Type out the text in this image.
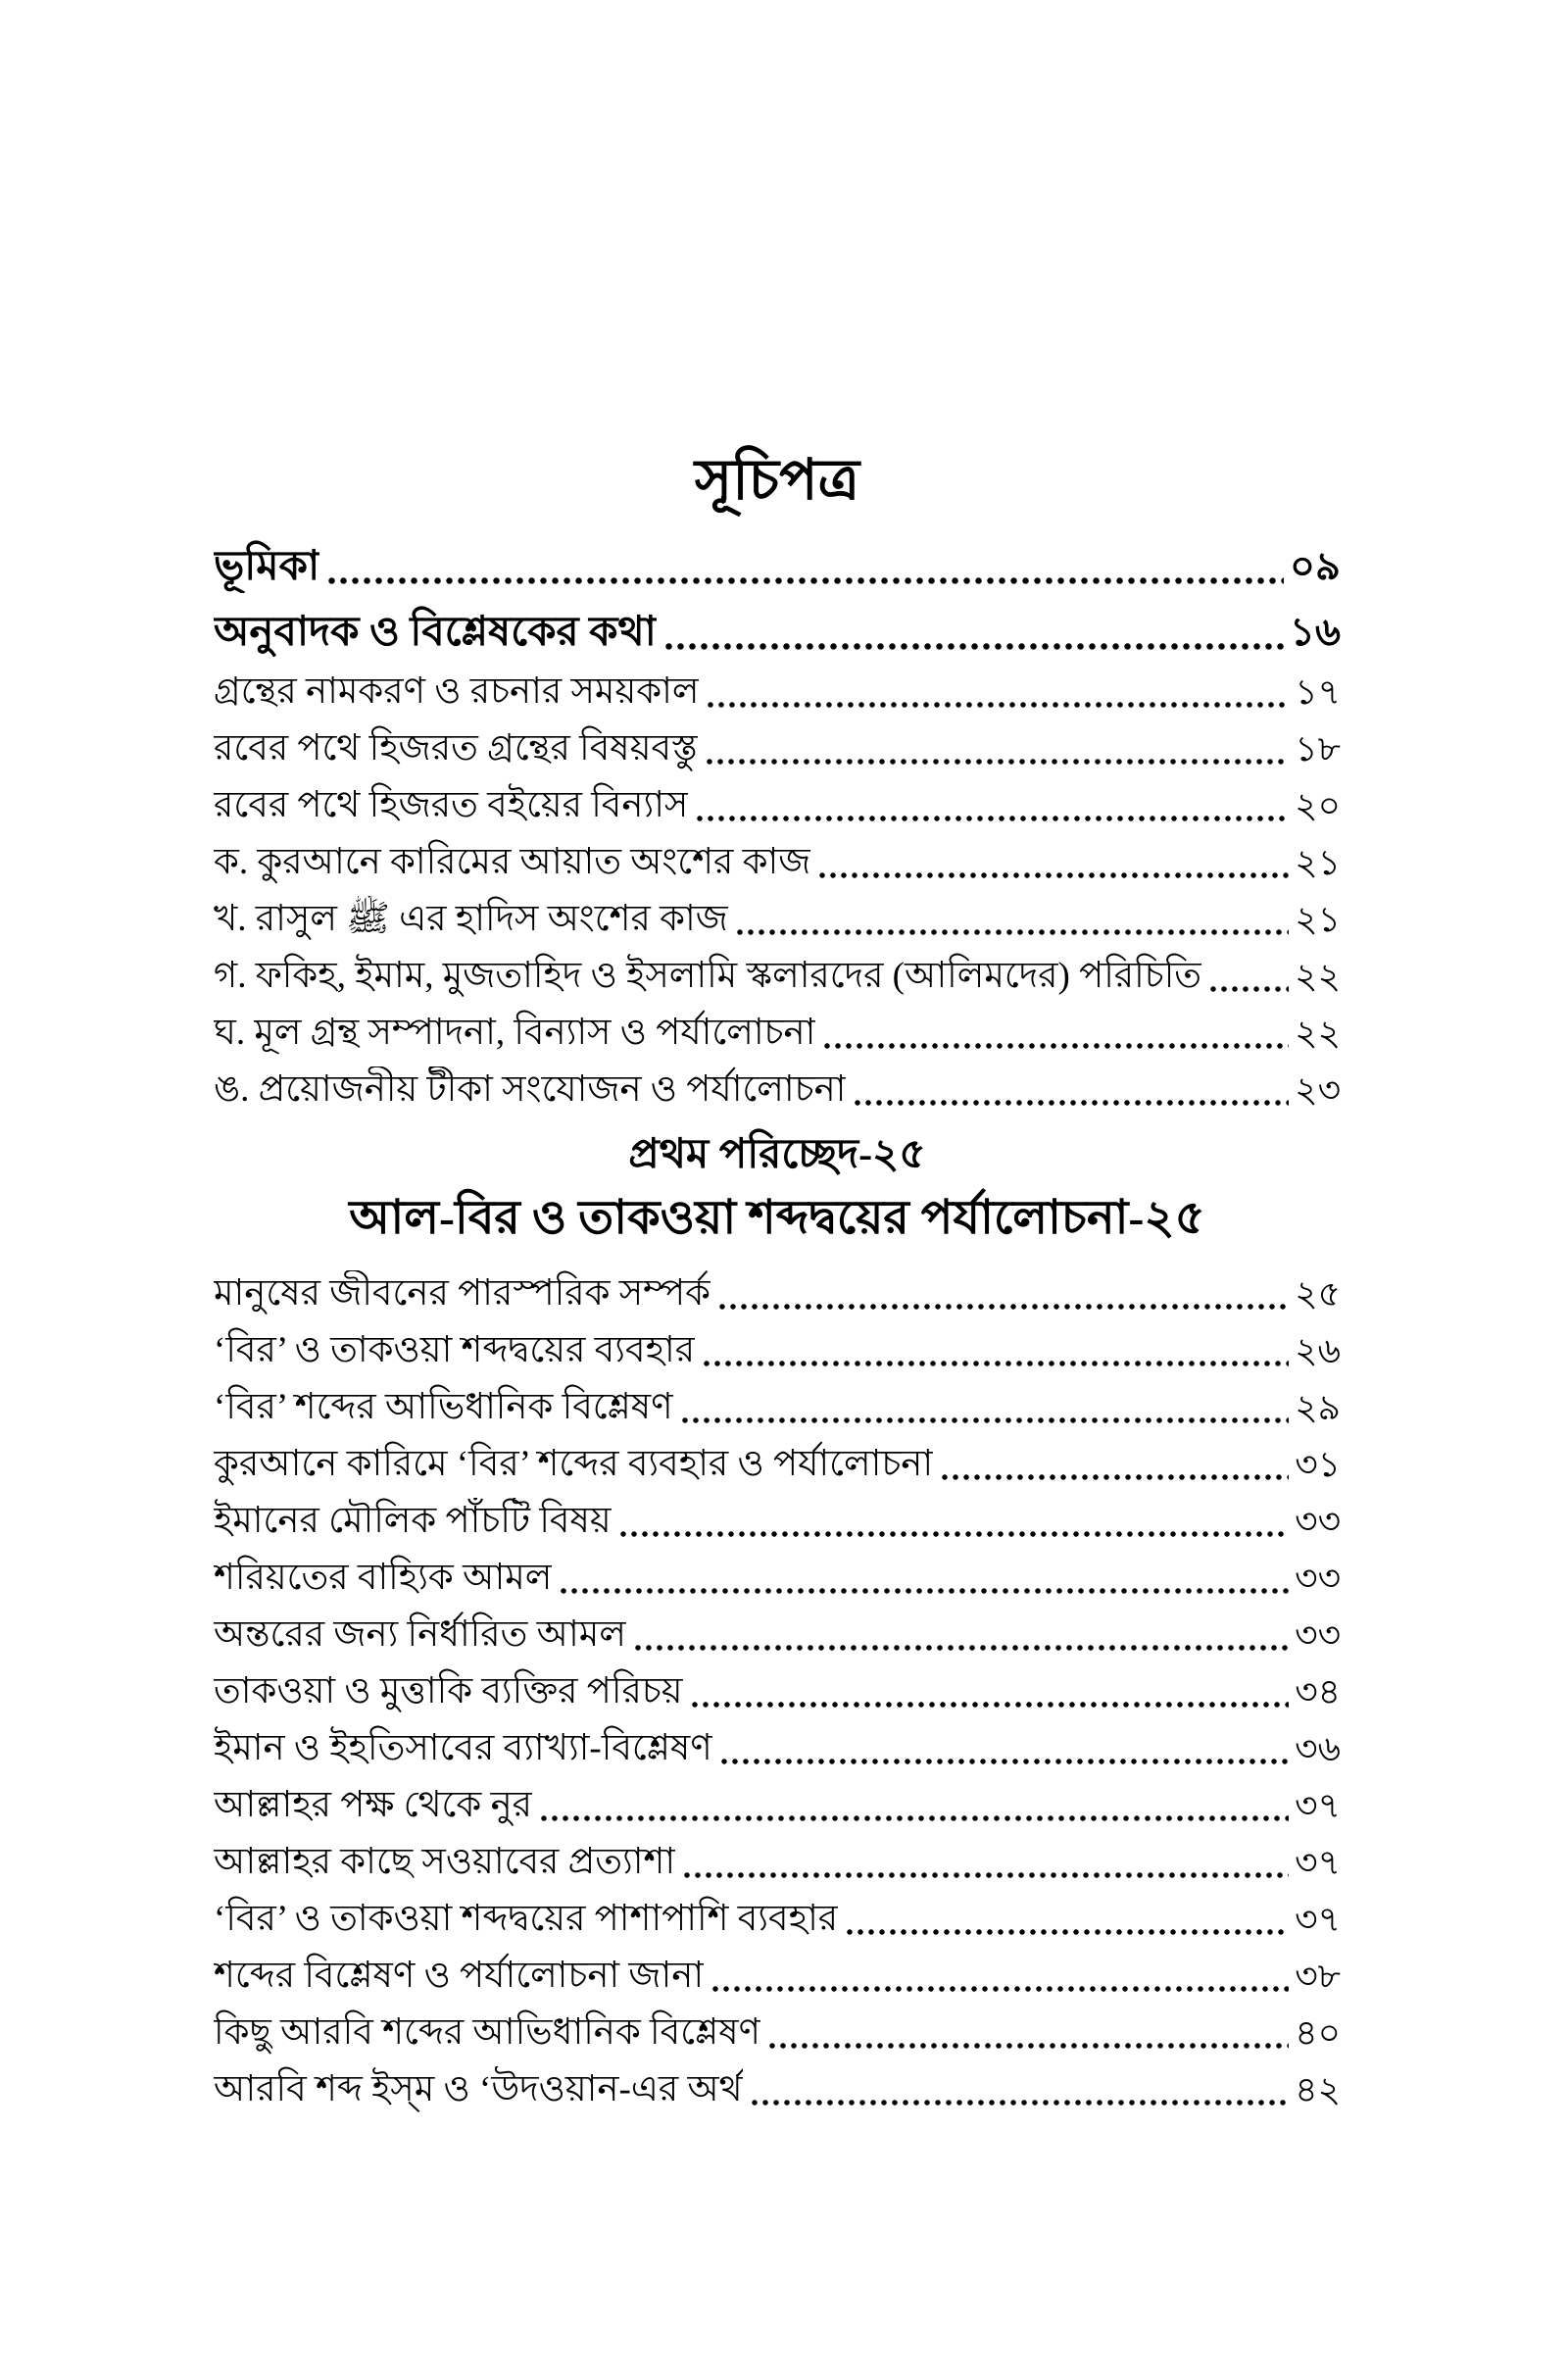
সূচিপত্র
ভূমিকা	০৯
অনুবাদক ও বিশ্লেষকের কথা	১৬
গ্রন্থের নামকরণ ও রচনার সময়কাল	১৭
রবের পথে হিজরত গ্রন্থের বিষয়বস্তু	১৮
রবের পথে হিজরত বইয়ের বিন্যাস	২০
ক. কুরআনে কারিমের আয়াত অংশের কাজ	২১
খ. রাসুল ﷺ এর হাদিস অংশের কাজ	২১
গ. ফকিহ, ইমাম, মুজতাহিদ ও ইসলামি স্কলারদের (আলিমদের) পরিচিতি	২২
ঘ. মূল গ্রন্থ সম্পাদনা, বিন্যাস ও পর্যালোচনা	২২
ঙ. প্রয়োজনীয় টীকা সংযোজন ও পর্যালোচনা	২৩
প্রথম পরিচ্ছেদ-২৫
আল-বির ও তাকওয়া শব্দদ্বয়ের পর্যালোচনা-২৫
মানুষের জীবনের পারস্পরিক সম্পর্ক	২৫
‘বির’ ও তাকওয়া শব্দদ্বয়ের ব্যবহার	২৬
‘বির’ শব্দের আভিধানিক বিশ্লেষণ	২৯
কুরআনে কারিমে ‘বির’ শব্দের ব্যবহার ও পর্যালোচনা	৩১
ইমানের মৌলিক পাঁচটি বিষয়	৩৩
শরিয়তের বাহ্যিক আমল	৩৩
অন্তরের জন্য নির্ধারিত আমল	৩৩
তাকওয়া ও মুত্তাকি ব্যক্তির পরিচয়	৩৪
ইমান ও ইহতিসাবের ব্যাখ্যা-বিশ্লেষণ	৩৬
আল্লাহর পক্ষ থেকে নুর	৩৭
আল্লাহর কাছে সওয়াবের প্রত্যাশা	৩৭
‘বির’ ও তাকওয়া শব্দদ্বয়ের পাশাপাশি ব্যবহার	৩৭
শব্দের বিশ্লেষণ ও পর্যালোচনা জানা	৩৮
কিছু আরবি শব্দের আভিধানিক বিশ্লেষণ	৪০
আরবি শব্দ ইস্‌ম ও ‘উদওয়ান-এর অর্থ	৪২
